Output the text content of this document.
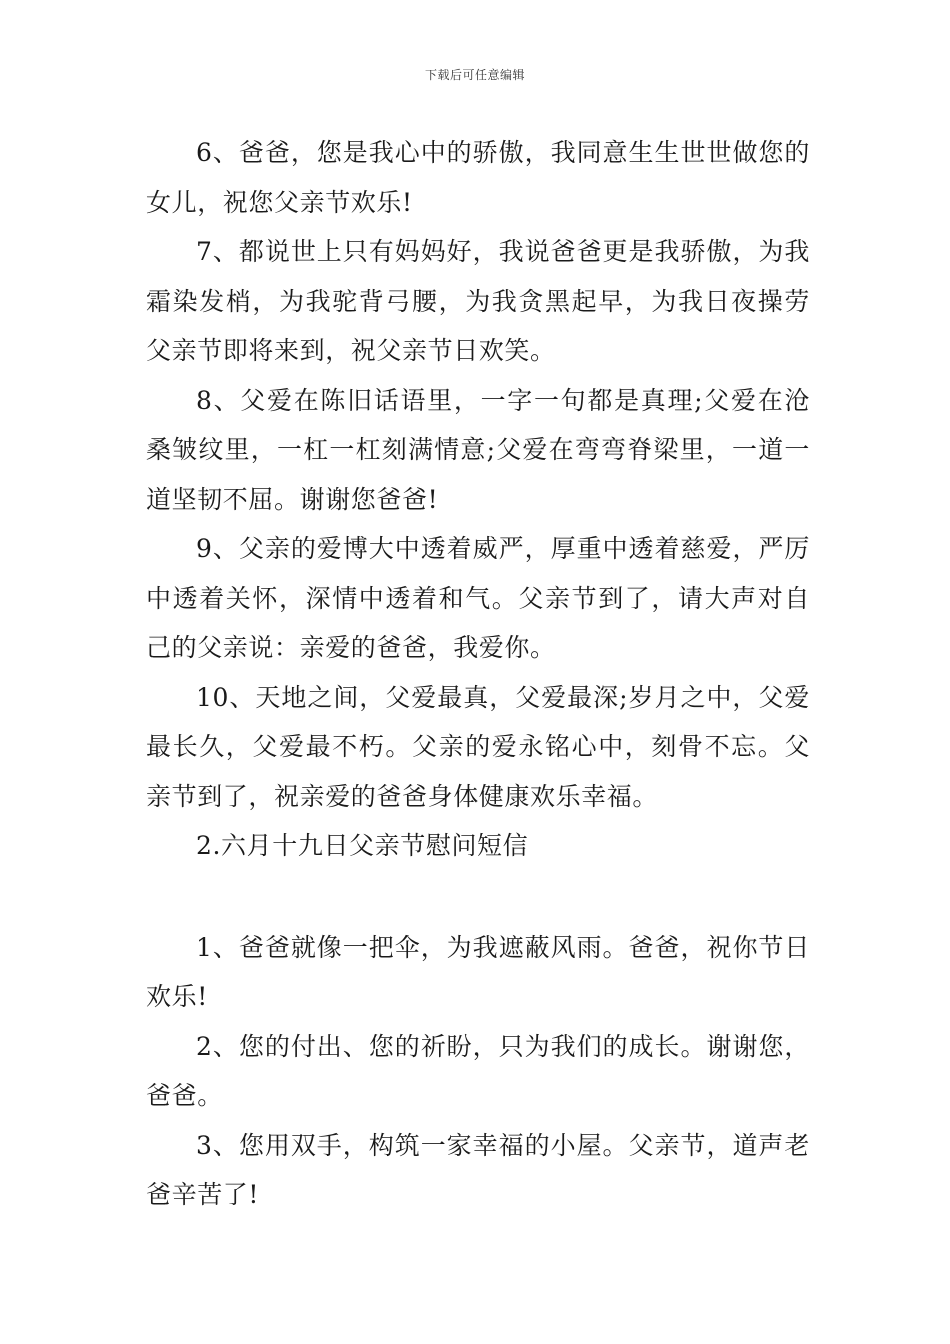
下载后可任意编辑

6、爸爸，您是我心中的骄傲，我同意生生世世做您的女儿，祝您父亲节欢乐!

7、都说世上只有妈妈好，我说爸爸更是我骄傲，为我霜染发梢，为我驼背弓腰，为我贪黑起早，为我日夜操劳父亲节即将来到，祝父亲节日欢笑。

8、父爱在陈旧话语里，一字一句都是真理;父爱在沧桑皱纹里，一杠一杠刻满情意;父爱在弯弯脊梁里，一道一道坚韧不屈。谢谢您爸爸!

9、父亲的爱博大中透着威严，厚重中透着慈爱，严厉中透着关怀，深情中透着和气。父亲节到了，请大声对自己的父亲说：亲爱的爸爸，我爱你。

10、天地之间，父爱最真，父爱最深;岁月之中，父爱最长久，父爱最不朽。父亲的爱永铭心中，刻骨不忘。父亲节到了，祝亲爱的爸爸身体健康欢乐幸福。

2.六月十九日父亲节慰问短信

1、爸爸就像一把伞，为我遮蔽风雨。爸爸，祝你节日欢乐!

2、您的付出、您的祈盼，只为我们的成长。谢谢您，爸爸。

3、您用双手，构筑一家幸福的小屋。父亲节，道声老爸辛苦了!
